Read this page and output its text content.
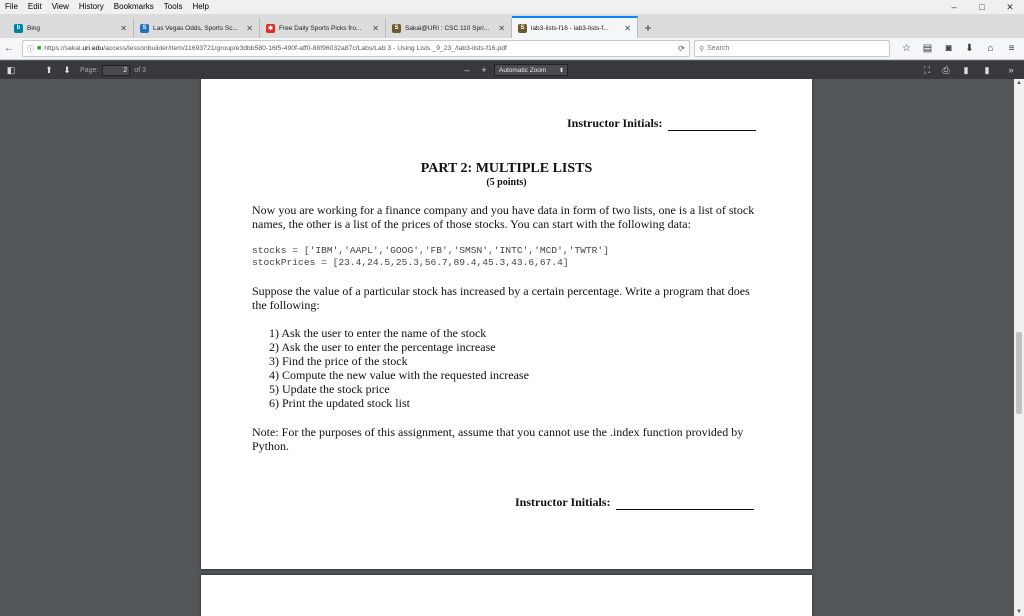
File	Edit	View	History	Bookmarks	Tools	Help	–	□	✕
b	Bing	✕	S	Las Vegas Odds, Sports Sc...	✕	✱ Free Daily Sports Picks fro...	✕	S	Sakai@URI : CSC 110 Spri...	✕	S	lab3-lists-f16 - lab3-lists-f...	✕	+
←	ⓘ ■ https://sakai.uri.edu/access/lessonbuilder/item/11693721/group/e3dbb580-16f5-490f-aff0-88f96032a87c/Labs/Lab 3 - Using Lists _9_23_/lab3-lists-f16.pdf	⟳ ⚲ Search	☆	▤	◙	⬇	⌂	≡
◧	⬆	⬇	Page:
2	of 3	–	+	Automatic Zoom ⬍	⛶	⎙	▮	▮	»
Instructor Initials:
PART 2: MULTIPLE LISTS
(5 points)
Now you are working for a finance company and you have data in form of two lists, one is a list of stock names, the other is a list of the prices of those stocks. You can start with the following data:
stocks = ['IBM','AAPL','GOOG','FB','SMSN','INTC','MCD','TWTR']
stockPrices = [23.4,24.5,25.3,56.7,89.4,45.3,43.6,67.4]
Suppose the value of a particular stock has increased by a certain percentage. Write a program that does the following:
1) Ask the user to enter the name of the stock
2) Ask the user to enter the percentage increase
3) Find the price of the stock
4) Compute the new value with the requested increase
5) Update the stock price
6) Print the updated stock list
Note: For the purposes of this assignment, assume that you cannot use the .index function provided by Python.
Instructor Initials:
▲
▼
